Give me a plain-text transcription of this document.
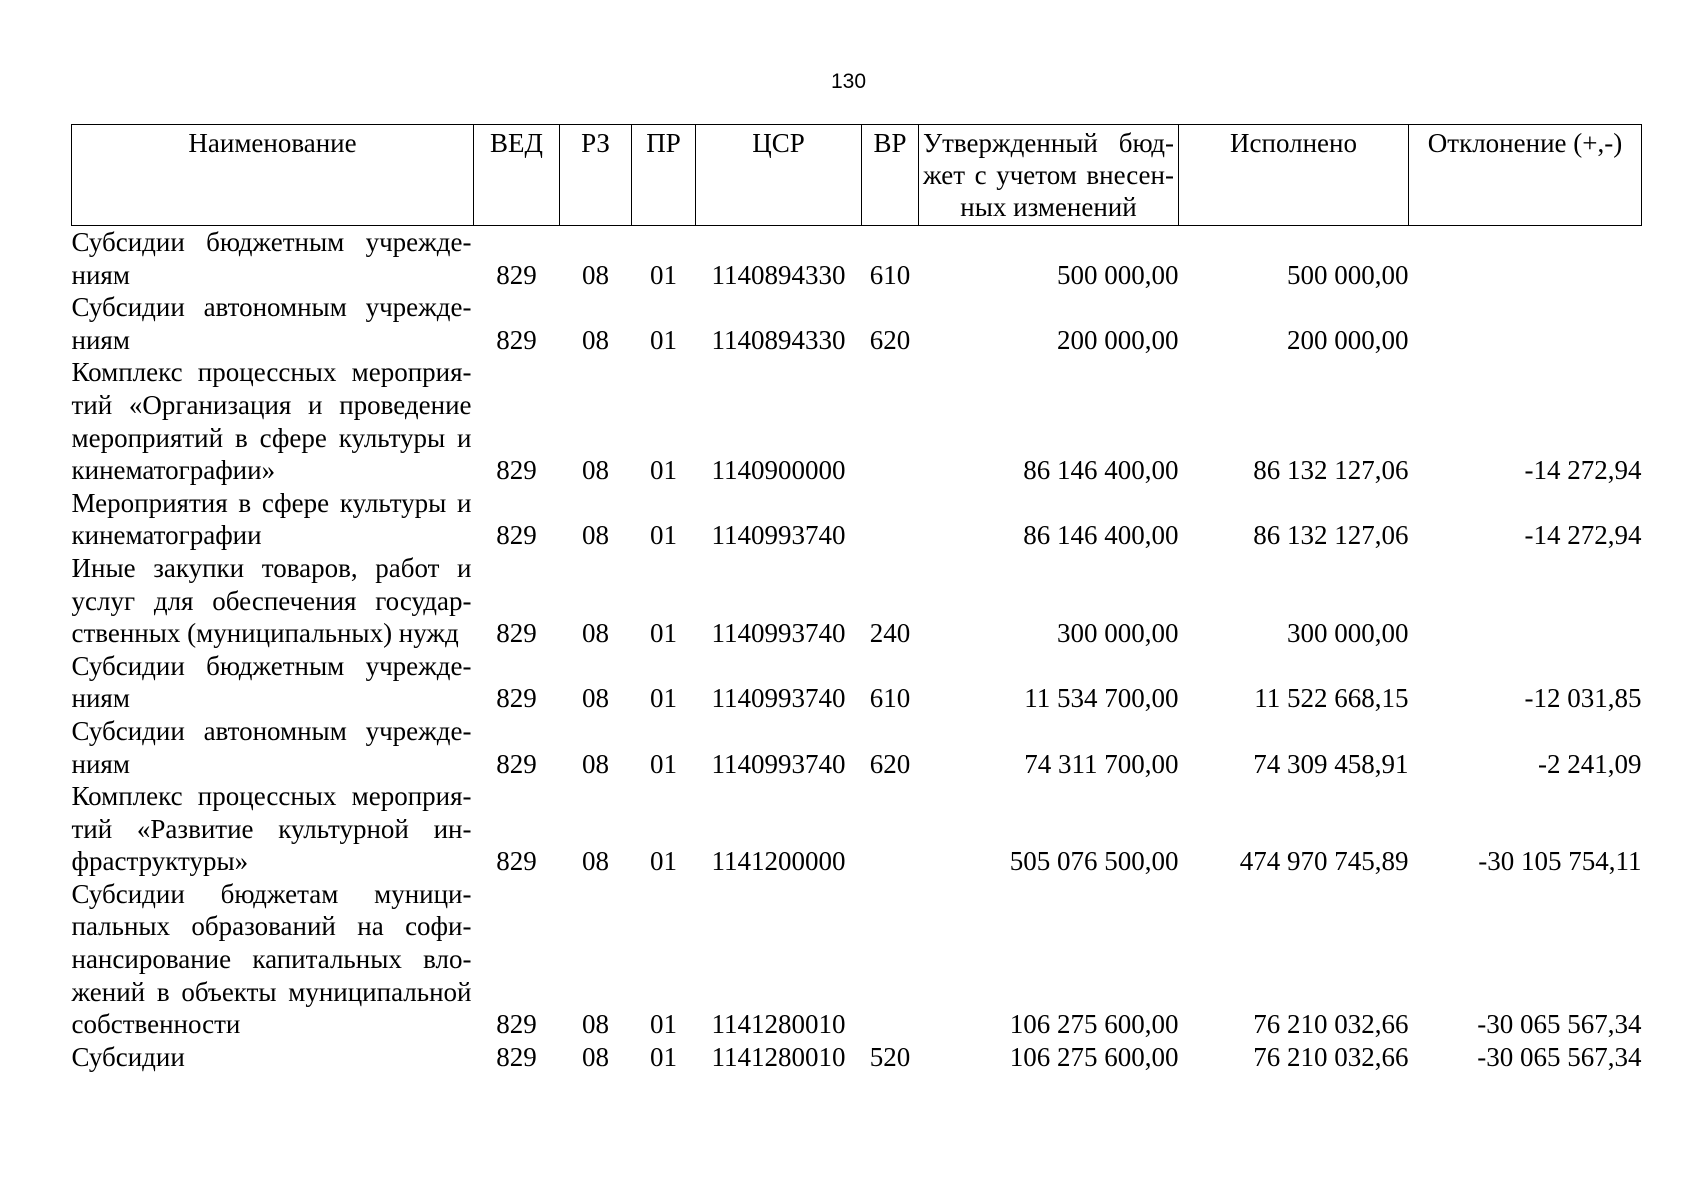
130
Наименование	ВЕД	РЗ	ПР	ЦСР	ВР	Утвержденный бюд-жет с учетом внесен-ных изменений	Исполнено	Отклонение (+,-)
Субсидии бюджетным учрежде-ниям	829	08	01	1140894330	610	500 000,00	500 000,00	
Субсидии автономным учрежде-ниям	829	08	01	1140894330	620	200 000,00	200 000,00	
Комплекс процессных мероприя-тий «Организация и проведение мероприятий в сфере культуры и кинематографии»	829	08	01	1140900000		86 146 400,00	86 132 127,06	-14 272,94
Мероприятия в сфере культуры и кинематографии	829	08	01	1140993740		86 146 400,00	86 132 127,06	-14 272,94
Иные закупки товаров, работ и услуг для обеспечения государ-ственных (муниципальных) нужд	829	08	01	1140993740	240	300 000,00	300 000,00	
Субсидии бюджетным учрежде-ниям	829	08	01	1140993740	610	11 534 700,00	11 522 668,15	-12 031,85
Субсидии автономным учрежде-ниям	829	08	01	1140993740	620	74 311 700,00	74 309 458,91	-2 241,09
Комплекс процессных мероприя-тий «Развитие культурной ин-фраструктуры»	829	08	01	1141200000		505 076 500,00	474 970 745,89	-30 105 754,11
Субсидии бюджетам муници-пальных образований на софи-нансирование капитальных вло-жений в объекты муниципальной собственности	829	08	01	1141280010		106 275 600,00	76 210 032,66	-30 065 567,34
Субсидии	829	08	01	1141280010	520	106 275 600,00	76 210 032,66	-30 065 567,34
